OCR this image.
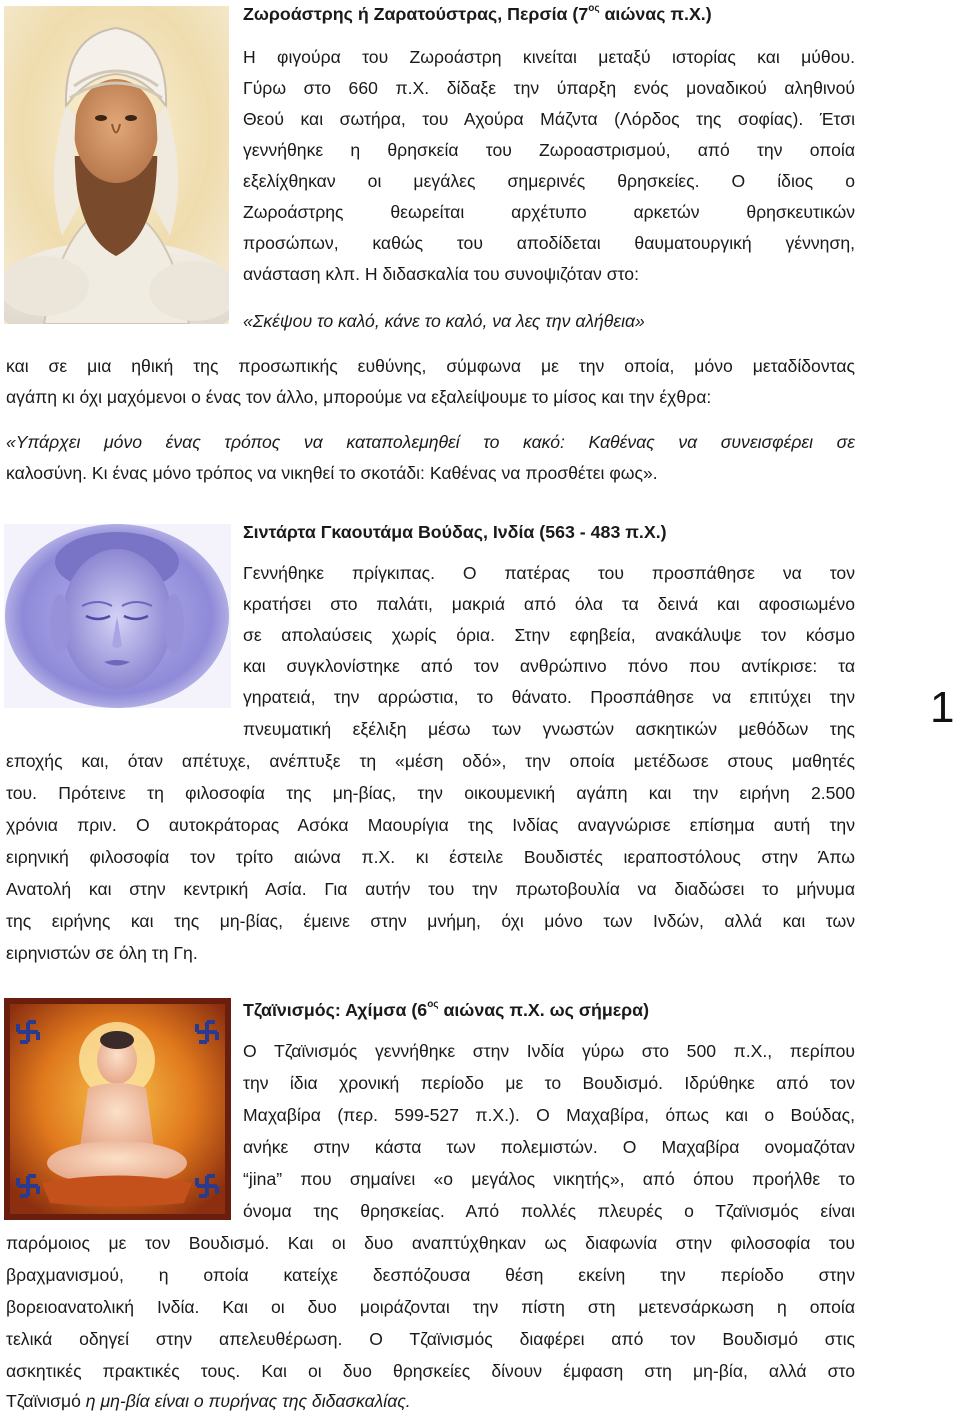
Ζωροάστρης ή Ζαρατούστρας, Περσία ($7^{o\varsigma}$ αιώνας π.Χ.)

Η φιγούρα του Ζωροάστρη κινείται μεταξύ ιστορίας και μύθου.

Γύρω στο 660 π.Χ. δίδαξε την ύπαρξη ενός μοναδικού αληθινού

Θεού και σωτήρα, του Αχούρα Μάζντα (Λόρδος της σοφίας). Έτσι

γεννήθηκε η θρησκεία του Ζωροαστρισμού, από την οποία

εξελίχθηκαν οι μεγάλες σημερινές θρησκείες. Ο ίδιος ο

Ζωροάστρης θεωρείται αρχέτυπο αρκετών θρησκευτικών

προσώπων, καθώς του αποδίδεται θαυματουργική γέννηση,

ανάσταση κλπ. Η διδασκαλία του συνοψιζόταν στο:

«Σκέψου το καλό, κάνε το καλό, να λες την αλήθεια»

και σε μια ηθική της προσωπικής ευθύνης, σύμφωνα με την οποία, μόνο μεταδίδοντας

αγάπη κι όχι μαχόμενοι ο ένας τον άλλο, μπορούμε να εξαλείψουμε το μίσος και την έχθρα:

«Υπάρχει μόνο ένας τρόπος να καταπολεμηθεί το κακό: Καθένας να συνεισφέρει σε

καλοσύνη. Κι ένας μόνο τρόπος να νικηθεί το σκοτάδι: Καθένας να προσθέτει φως».

Σιντάρτα Γκαουτάμα Βούδας, Ινδία (563 - 483 π.Χ.)

Γεννήθηκε πρίγκιπας. Ο πατέρας του προσπάθησε να τον

κρατήσει στο παλάτι, μακριά από όλα τα δεινά και αφοσιωμένο

σε απολαύσεις χωρίς όρια. Στην εφηβεία, ανακάλυψε τον κόσμο

και συγκλονίστηκε από τον ανθρώπινο πόνο που αντίκρισε: τα

γηρατειά, την αρρώστια, το θάνατο. Προσπάθησε να επιτύχει την

πνευματική εξέλιξη μέσω των γνωστών ασκητικών μεθόδων της

εποχής και, όταν απέτυχε, ανέπτυξε τη «μέση οδό», την οποία μετέδωσε στους μαθητές

του. Πρότεινε τη φιλοσοφία της μη-βίας, την οικουμενική αγάπη και την ειρήνη 2.500

χρόνια πριν. Ο αυτοκράτορας Ασόκα Μαουρίγια της Ινδίας αναγνώρισε επίσημα αυτή την

ειρηνική φιλοσοφία τον τρίτο αιώνα π.Χ. κι έστειλε Βουδιστές ιεραποστόλους στην Άπω

Ανατολή και στην κεντρική Ασία. Για αυτήν του την πρωτοβουλία να διαδώσει το μήνυμα

της ειρήνης και της μη-βίας, έμεινε στην μνήμη, όχι μόνο των Ινδών, αλλά και των

ειρηνιστών σε όλη τη Γη.

1

Τζαϊνισμός: Αχίμσα ($6^{o\varsigma}$ αιώνας π.Χ. ως σήμερα)

Ο Τζαϊνισμός γεννήθηκε στην Ινδία γύρω στο 500 π.Χ., περίπου

την ίδια χρονική περίοδο με το Βουδισμό. Ιδρύθηκε από τον

Μαχαβίρα (περ. 599-527 π.Χ.). Ο Μαχαβίρα, όπως και ο Βούδας,

ανήκε στην κάστα των πολεμιστών. Ο Μαχαβίρα ονομαζόταν

“jina” που σημαίνει «ο μεγάλος νικητής», από όπου προήλθε το

όνομα της θρησκείας. Από πολλές πλευρές ο Τζαϊνισμός είναι

παρόμοιος με τον Βουδισμό. Και οι δυο αναπτύχθηκαν ως διαφωνία στην φιλοσοφία του

βραχμανισμού, η οποία κατείχε δεσπόζουσα θέση εκείνη την περίοδο στην

βορειοανατολική Ινδία. Και οι δυο μοιράζονται την πίστη στη μετενσάρκωση η οποία

τελικά οδηγεί στην απελευθέρωση. Ο Τζαϊνισμός διαφέρει από τον Βουδισμό στις

ασκητικές πρακτικές τους. Και οι δυο θρησκείες δίνουν έμφαση στη μη-βία, αλλά στο

Τζαϊνισμό η μη-βία είναι ο πυρήνας της διδασκαλίας.
